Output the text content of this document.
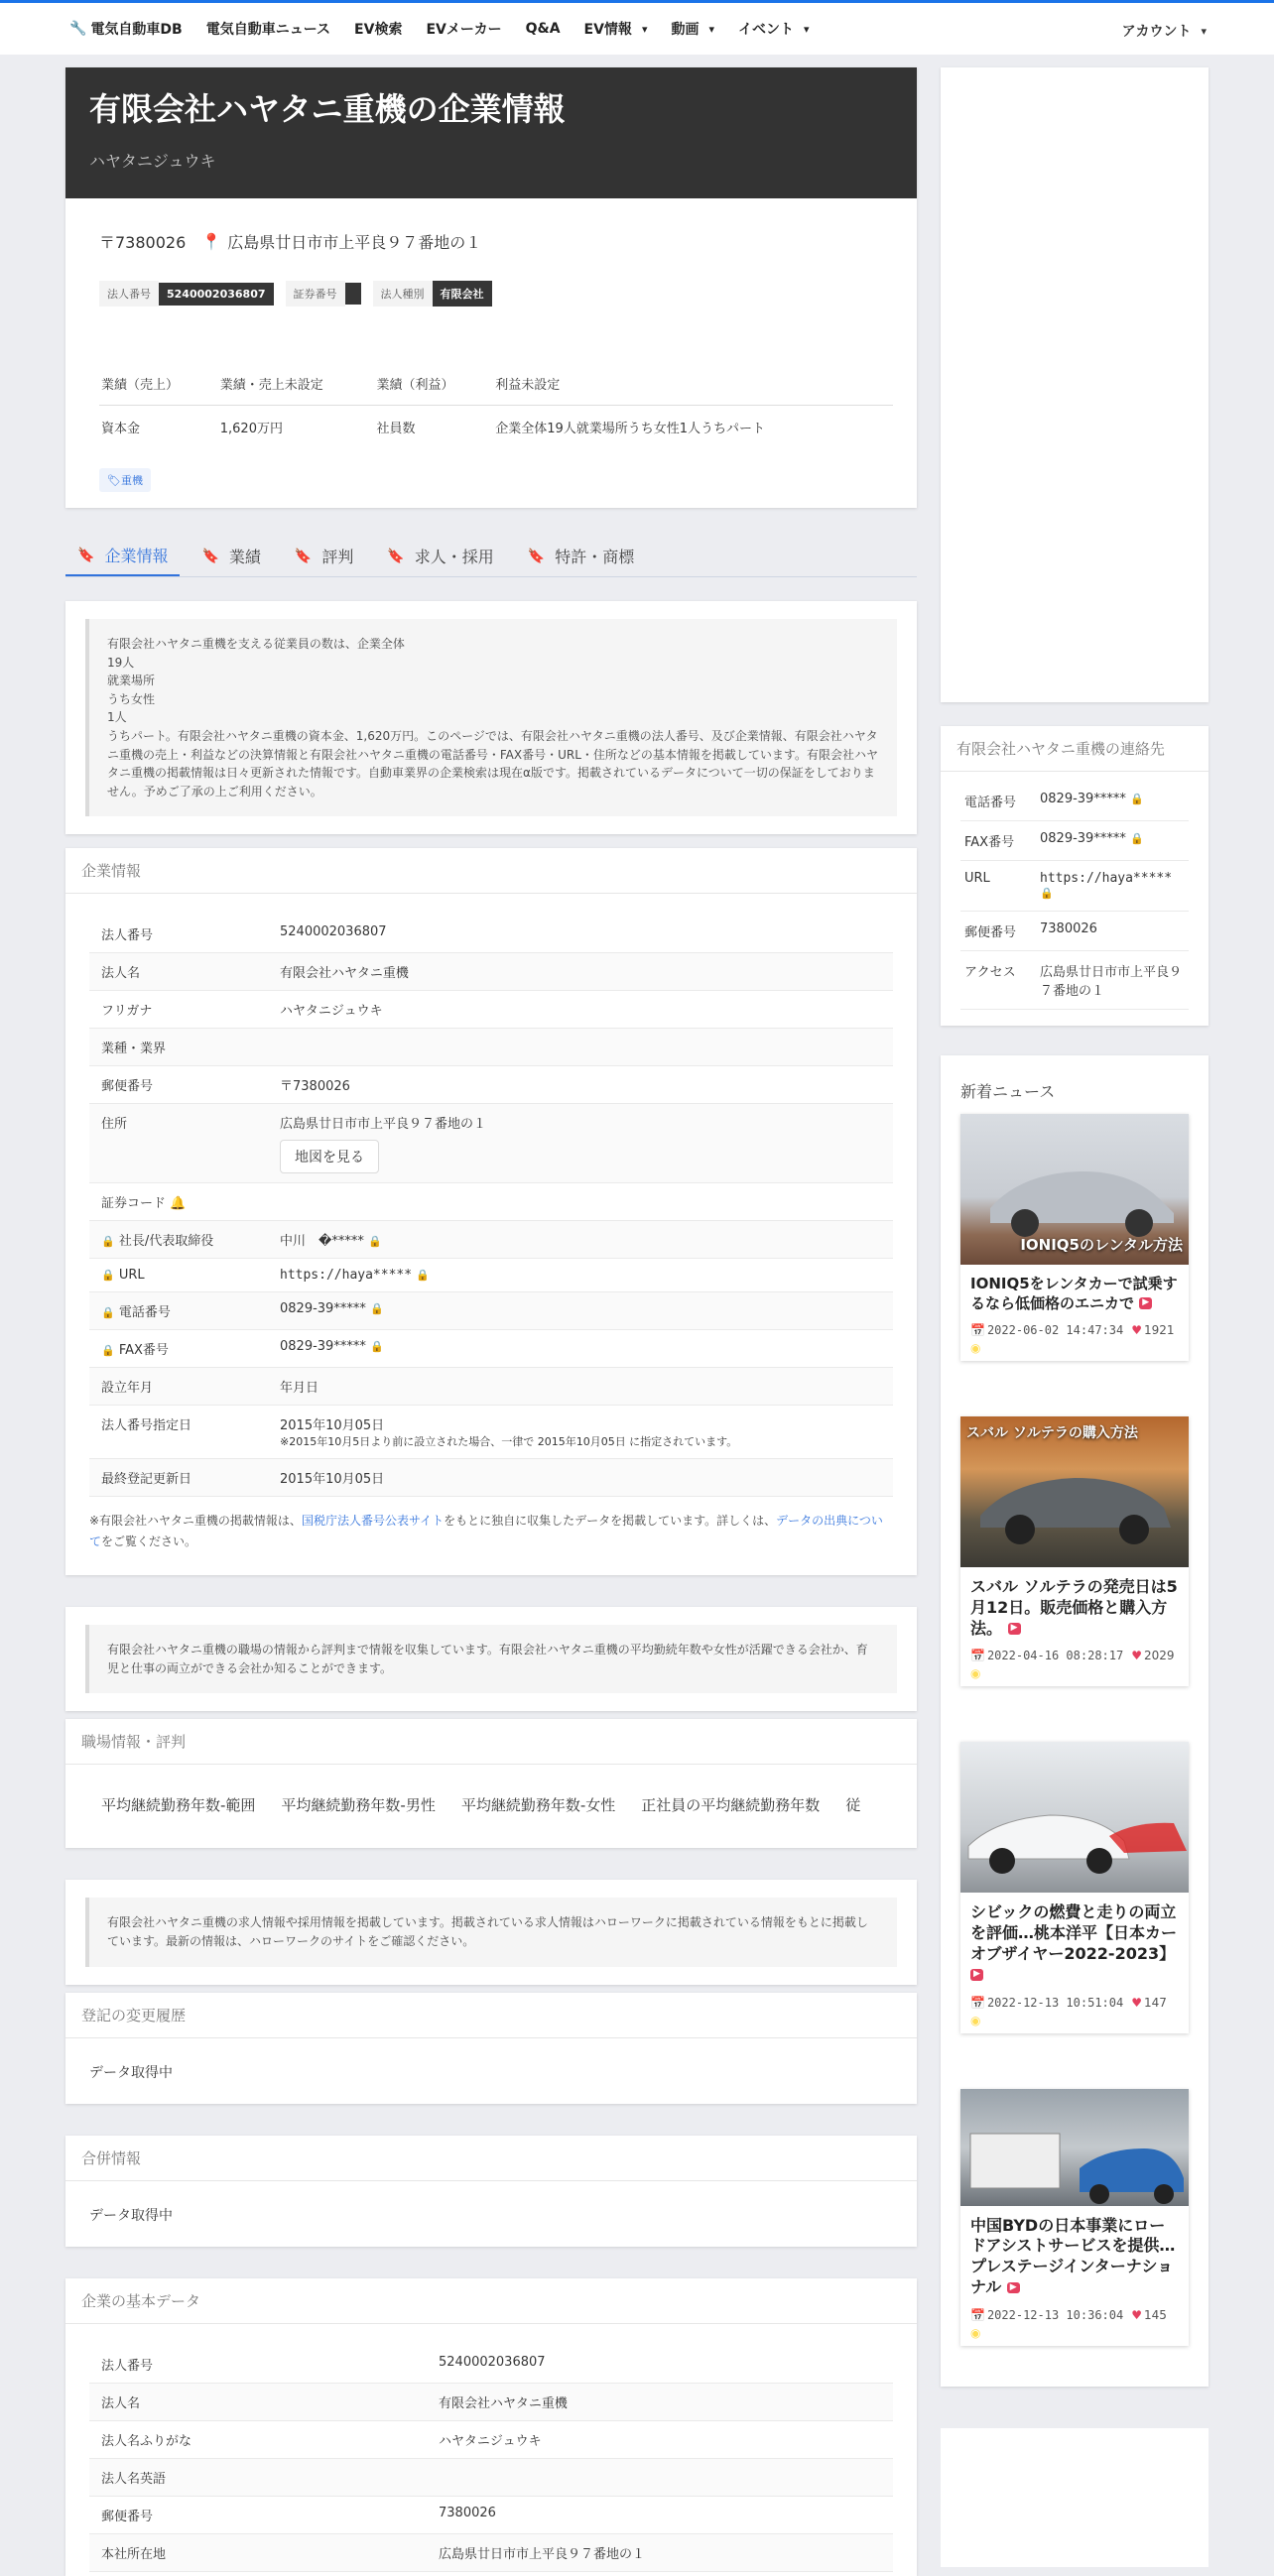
🔧 電気自動車DB 電気自動車ニュース EV検索 EVメーカー Q&A EV情報 ▾ 動画 ▾ イベント ▾	アカウント ▾
有限会社ハヤタニ重機の企業情報
ハヤタニジュウキ
〒7380026 📍 広島県廿日市市上平良９７番地の１
法人番号	5240002036807	証券番号	法人種別	有限会社
業績（売上）	業績・売上未設定	業績（利益）	利益未設定
資本金	1,620万円	社員数	企業全体19人就業場所うち女性1人うちパート
🏷重機
🔖 企業情報 🔖 業績 🔖 評判 🔖 求人・採用 🔖 特許・商標
有限会社ハヤタニ重機を支える従業員の数は、企業全体
19人
就業場所
うち女性
1人
うちパート。有限会社ハヤタニ重機の資本金、1,620万円。このページでは、有限会社ハヤタニ重機の法人番号、及び企業情報、有限会社ハヤタニ重機の売上・利益などの決算情報と有限会社ハヤタニ重機の電話番号・FAX番号・URL・住所などの基本情報を掲載しています。有限会社ハヤタニ重機の掲載情報は日々更新された情報です。自動車業界の企業検索は現在α版です。掲載されているデータについて一切の保証をしておりません。予めご了承の上ご利用ください。
企業情報
法人番号	5240002036807
法人名	有限会社ハヤタニ重機
フリガナ	ハヤタニジュウキ
業種・業界	
郵便番号	〒7380026
住所	広島県廿日市市上平良９７番地の１
地図を見る
証券コード 🔔	
🔒 社長/代表取締役	中川　�***** 🔒
🔒 URL	https://haya***** 🔒
🔒 電話番号	0829-39***** 🔒
🔒 FAX番号	0829-39***** 🔒
設立年月	年月日
法人番号指定日	2015年10月05日
※2015年10月5日より前に設立された場合、一律で 2015年10月05日 に指定されています。

最終登記更新日	2015年10月05日

※有限会社ハヤタニ重機の掲載情報は、国税庁法人番号公表サイトをもとに独自に収集したデータを掲載しています。詳しくは、データの出典についてをご覧ください。

有限会社ハヤタニ重機の職場の情報から評判まで情報を収集しています。有限会社ハヤタニ重機の平均勤続年数や女性が活躍できる会社か、育児と仕事の両立ができる会社か知ることができます。
職場情報・評判
平均継続勤務年数-範囲 平均継続勤務年数-男性 平均継続勤務年数-女性 正社員の平均継続勤務年数 従
有限会社ハヤタニ重機の求人情報や採用情報を掲載しています。掲載されている求人情報はハローワークに掲載されている情報をもとに掲載しています。最新の情報は、ハローワークのサイトをご確認ください。
登記の変更履歴
データ取得中
合併情報
データ取得中
企業の基本データ
法人番号	5240002036807
法人名	有限会社ハヤタニ重機
法人名ふりがな	ハヤタニジュウキ
法人名英語	
郵便番号	7380026
本社所在地	広島県廿日市市上平良９７番地の１
有限会社ハヤタニ重機の連絡先
電話番号	0829-39***** 🔒
FAX番号	0829-39***** 🔒
URL	https://haya*****
🔒
郵便番号	7380026
アクセス	広島県廿日市市上平良９７番地の１
新着ニュース
IONIQ5のレンタル方法
IONIQ5をレンタカーで試乗するなら低価格のエニカで ▶
📅 2022-06-02 14:47:34 ♥ 1921
◉
スバル ソルテラの購入方法
スバル ソルテラの発売日は5月12日。販売価格と購入方法。 ▶
📅 2022-04-16 08:28:17 ♥ 2029
◉
シビックの燃費と走りの両立を評価…桃本洋平【日本カーオブザイヤー2022-2023】 ▶
📅 2022-12-13 10:51:04 ♥ 147
◉
中国BYDの日本事業にロードアシストサービスを提供…プレステージインターナショナル ▶
📅 2022-12-13 10:36:04 ♥ 145
◉
